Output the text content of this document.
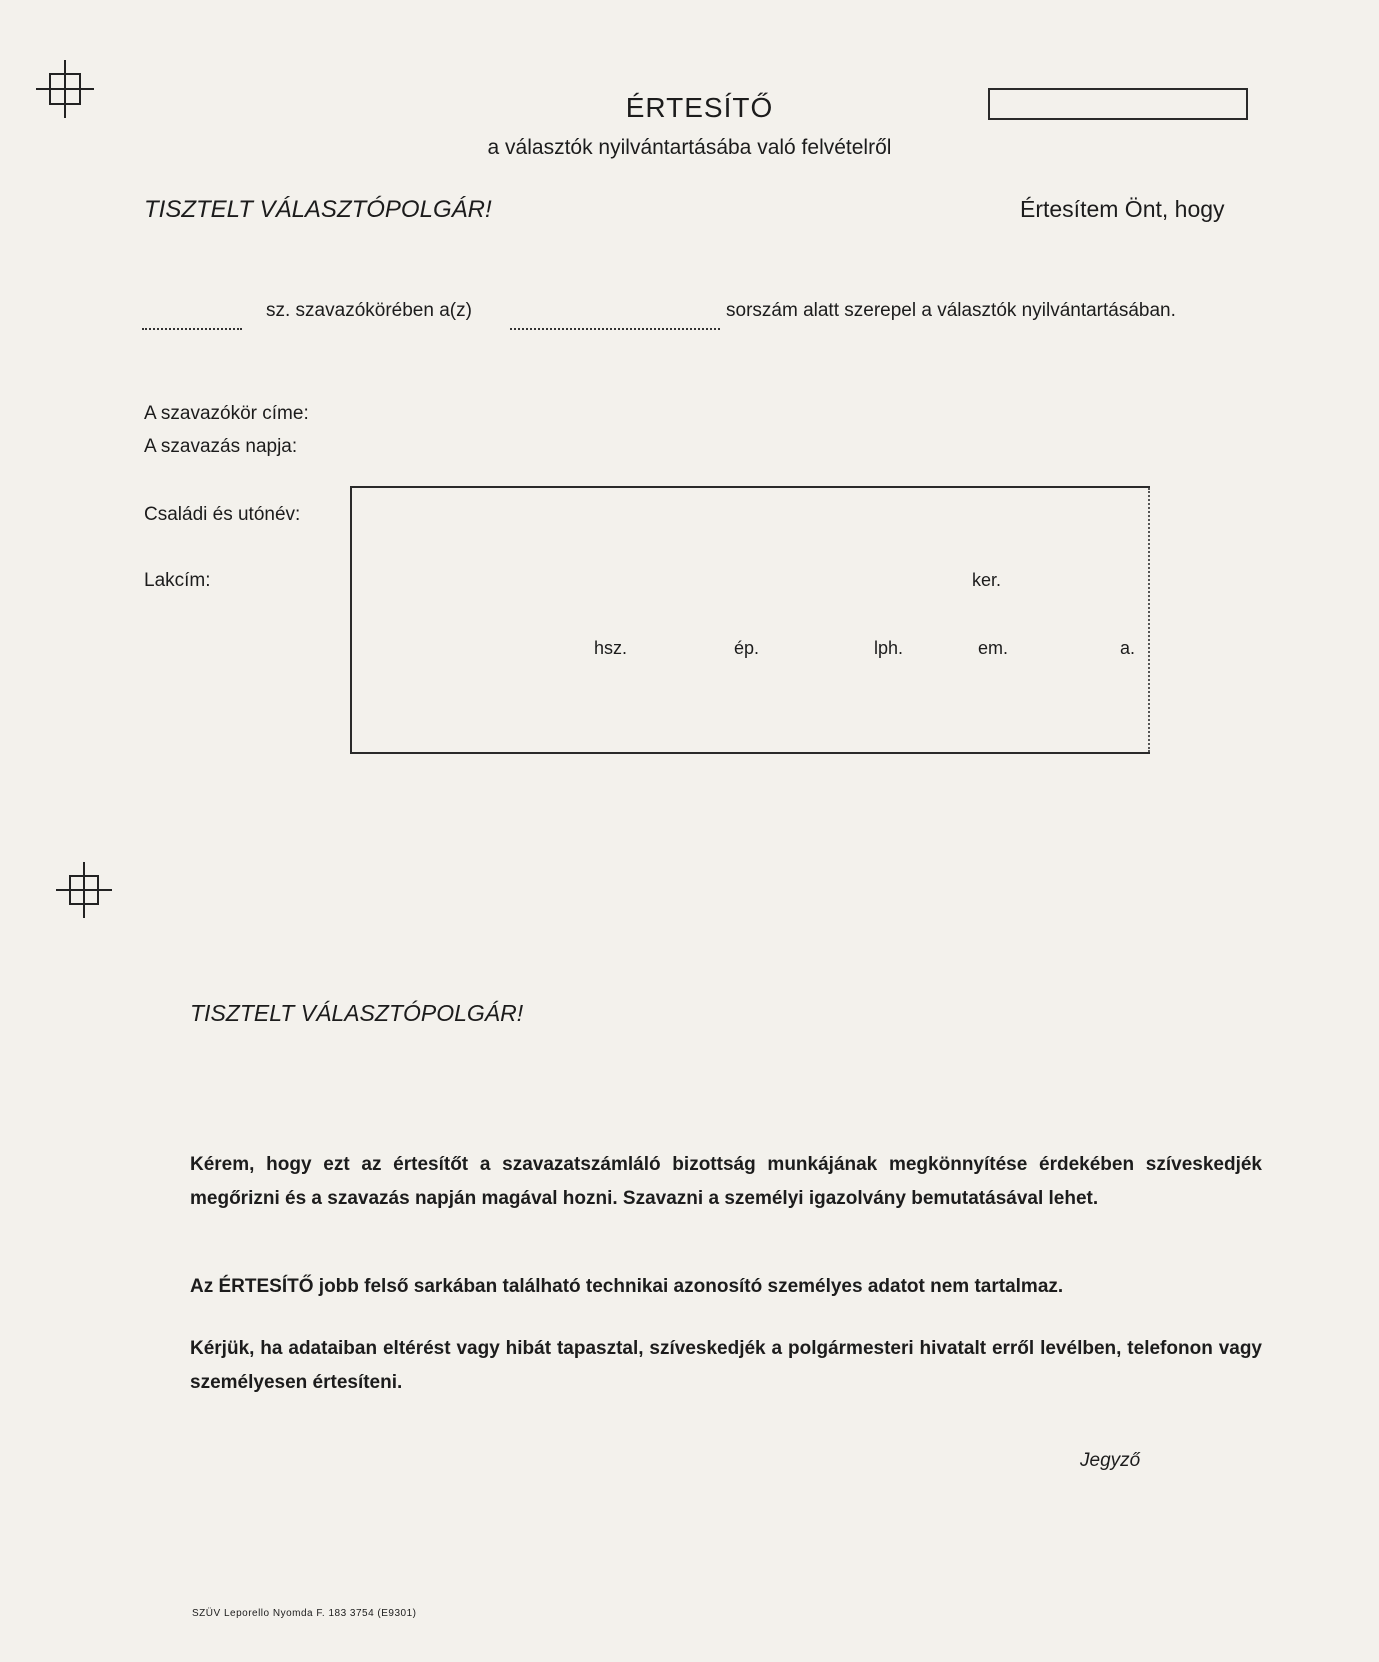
ÉRTESÍTŐ
a választók nyilvántartásába való felvételről
TISZTELT VÁLASZTÓPOLGÁR!	Értesítem Önt, hogy
sz. szavazókörében a(z)	sorszám alatt szerepel a választók nyilvántartásában.
A szavazókör címe:
A szavazás napja:
Családi és utónév:
Lakcím:	ker.
hsz.	ép.	lph.	em.	a.
TISZTELT VÁLASZTÓPOLGÁR!
Kérem, hogy ezt az értesítőt a szavazatszámláló bizottság munkájának megkönnyítése érdekében szíveskedjék megőrizni és a szavazás napján magával hozni. Szavazni a személyi igazolvány bemutatásával lehet.
Az ÉRTESÍTŐ jobb felső sarkában található technikai azonosító személyes adatot nem tartalmaz.
Kérjük, ha adataiban eltérést vagy hibát tapasztal, szíveskedjék a polgármesteri hivatalt erről levélben, telefonon vagy személyesen értesíteni.
Jegyző
SZÜV Leporello Nyomda F. 183 3754 (E9301)
